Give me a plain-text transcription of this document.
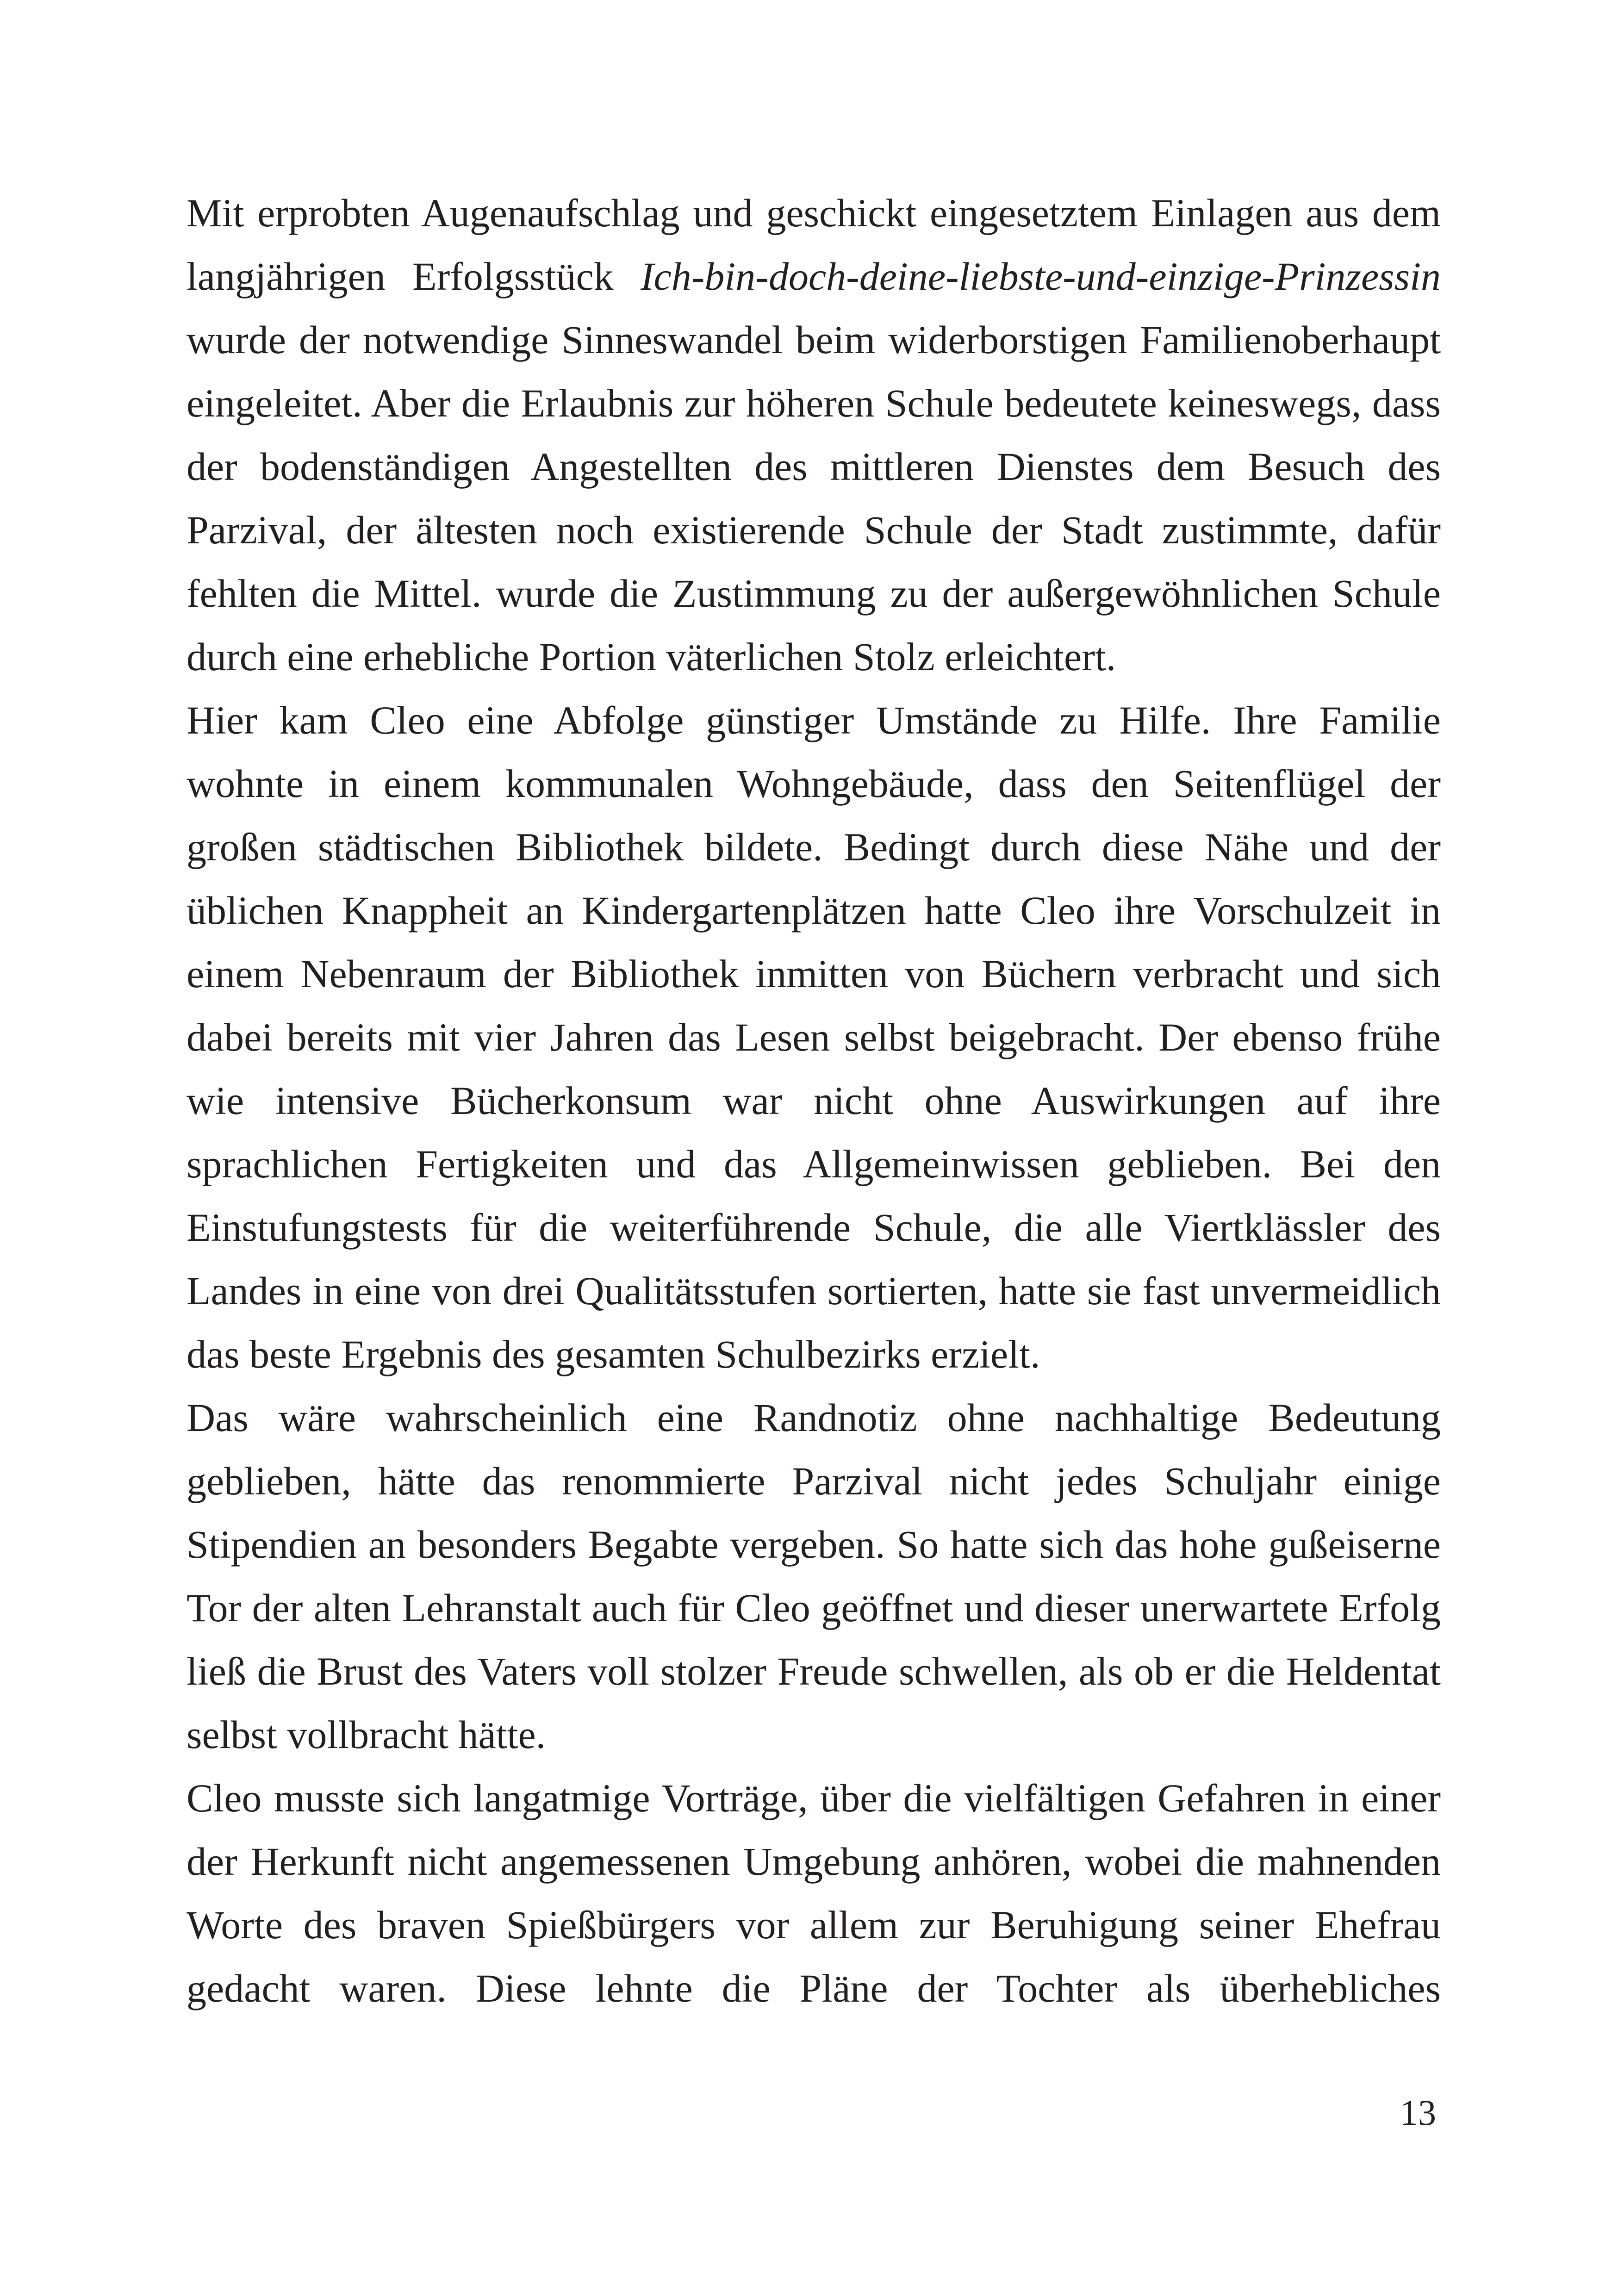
Mit erprobten Augenaufschlag und geschickt eingesetztem Einlagen aus dem langjährigen Erfolgsstück Ich-bin-doch-deine-liebste-und-einzige-Prinzessin wurde der notwendige Sinneswandel beim widerborstigen Familienoberhaupt eingeleitet. Aber die Erlaubnis zur höheren Schule bedeutete keineswegs, dass der bodenständigen Angestellten des mittleren Dienstes dem Besuch des Parzival, der ältesten noch existierende Schule der Stadt zustimmte, dafür fehlten die Mittel. wurde die Zustimmung zu der außergewöhnlichen Schule durch eine erhebliche Portion väterlichen Stolz erleichtert.

Hier kam Cleo eine Abfolge günstiger Umstände zu Hilfe. Ihre Familie wohnte in einem kommunalen Wohngebäude, dass den Seitenflügel der großen städtischen Bibliothek bildete. Bedingt durch diese Nähe und der üblichen Knappheit an Kindergartenplätzen hatte Cleo ihre Vorschulzeit in einem Nebenraum der Bibliothek inmitten von Büchern verbracht und sich dabei bereits mit vier Jahren das Lesen selbst beigebracht. Der ebenso frühe wie intensive Bücherkonsum war nicht ohne Auswirkungen auf ihre sprachlichen Fertigkeiten und das Allgemeinwissen geblieben. Bei den Einstufungstests für die weiterführende Schule, die alle Viertklässler des Landes in eine von drei Qualitätsstufen sortierten, hatte sie fast unvermeidlich das beste Ergebnis des gesamten Schulbezirks erzielt.

Das wäre wahrscheinlich eine Randnotiz ohne nachhaltige Bedeutung geblieben, hätte das renommierte Parzival nicht jedes Schuljahr einige Stipendien an besonders Begabte vergeben. So hatte sich das hohe gußeiserne Tor der alten Lehranstalt auch für Cleo geöffnet und dieser unerwartete Erfolg ließ die Brust des Vaters voll stolzer Freude schwellen, als ob er die Heldentat selbst vollbracht hätte.

Cleo musste sich langatmige Vorträge, über die vielfältigen Gefahren in einer der Herkunft nicht angemessenen Umgebung anhören, wobei die mahnenden Worte des braven Spießbürgers vor allem zur Beruhigung seiner Ehefrau gedacht waren. Diese lehnte die Pläne der Tochter als überhebliches

13
